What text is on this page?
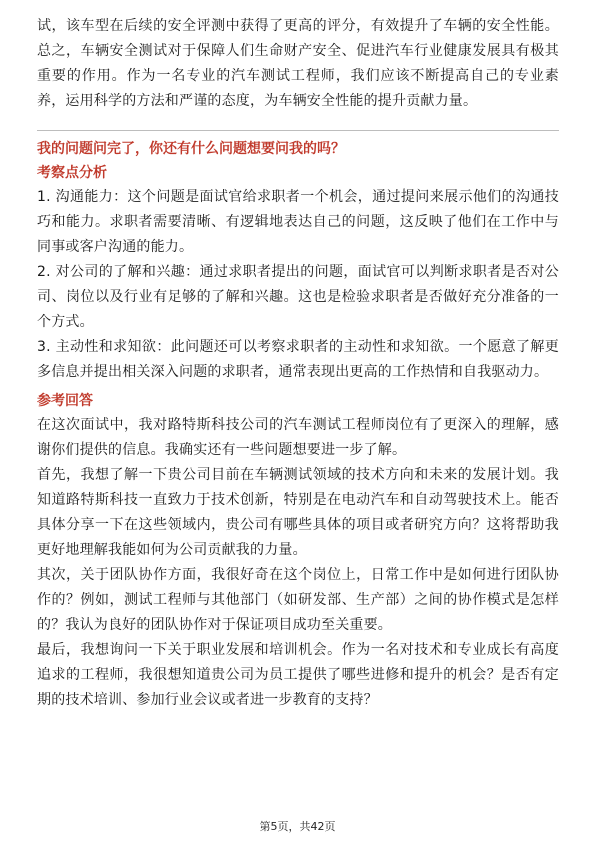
试，该车型在后续的安全评测中获得了更高的评分，有效提升了车辆的安全性能。总之，车辆安全测试对于保障人们生命财产安全、促进汽车行业健康发展具有极其重要的作用。作为一名专业的汽车测试工程师，我们应该不断提高自己的专业素养，运用科学的方法和严谨的态度，为车辆安全性能的提升贡献力量。

我的问题问完了，你还有什么问题想要问我的吗？

考察点分析

1. 沟通能力：这个问题是面试官给求职者一个机会，通过提问来展示他们的沟通技巧和能力。求职者需要清晰、有逻辑地表达自己的问题，这反映了他们在工作中与同事或客户沟通的能力。

2. 对公司的了解和兴趣：通过求职者提出的问题，面试官可以判断求职者是否对公司、岗位以及行业有足够的了解和兴趣。这也是检验求职者是否做好充分准备的一个方式。

3. 主动性和求知欲：此问题还可以考察求职者的主动性和求知欲。一个愿意了解更多信息并提出相关深入问题的求职者，通常表现出更高的工作热情和自我驱动力。

参考回答

在这次面试中，我对路特斯科技公司的汽车测试工程师岗位有了更深入的理解，感谢你们提供的信息。我确实还有一些问题想要进一步了解。

首先，我想了解一下贵公司目前在车辆测试领域的技术方向和未来的发展计划。我知道路特斯科技一直致力于技术创新，特别是在电动汽车和自动驾驶技术上。能否具体分享一下在这些领域内，贵公司有哪些具体的项目或者研究方向？这将帮助我更好地理解我能如何为公司贡献我的力量。

其次，关于团队协作方面，我很好奇在这个岗位上，日常工作中是如何进行团队协作的？例如，测试工程师与其他部门（如研发部、生产部）之间的协作模式是怎样的？我认为良好的团队协作对于保证项目成功至关重要。

最后，我想询问一下关于职业发展和培训机会。作为一名对技术和专业成长有高度追求的工程师，我很想知道贵公司为员工提供了哪些进修和提升的机会？是否有定期的技术培训、参加行业会议或者进一步教育的支持？

第5页，共42页
